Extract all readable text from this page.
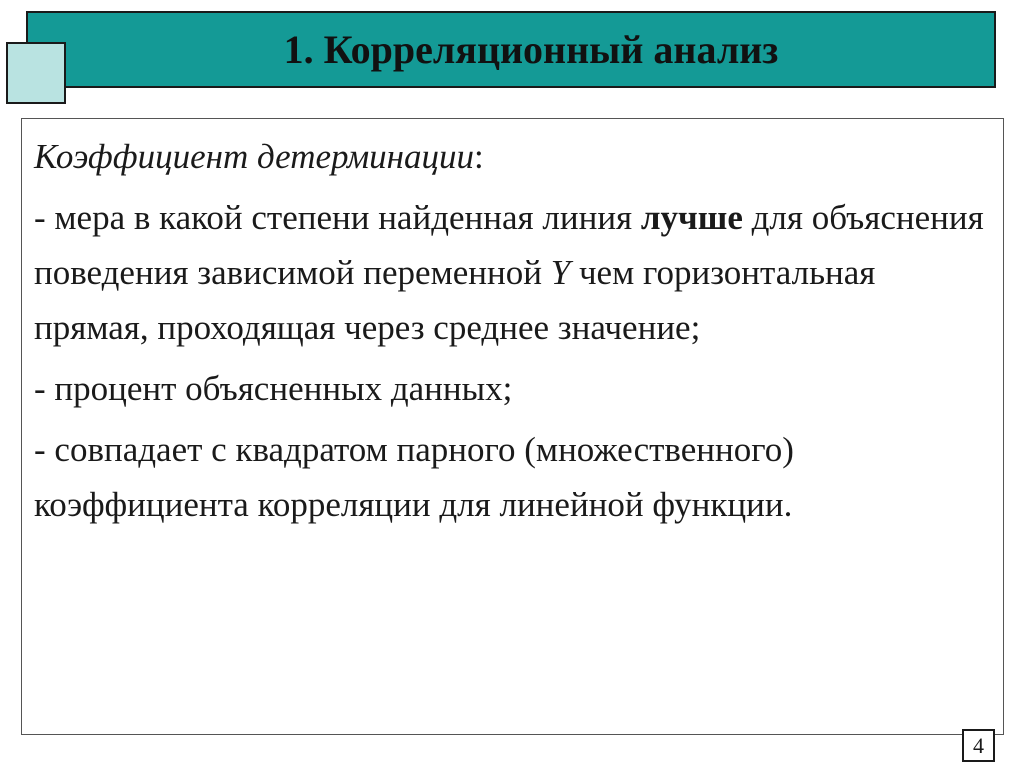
1. Корреляционный анализ

Коэффициент детерминации:

- мера в какой степени найденная линия лучше для объяснения поведения зависимой переменной Y чем горизонтальная прямая, проходящая через среднее значение;

- процент объясненных данных;

- совпадает с квадратом парного (множественного) коэффициента корреляции для линейной функции.

4
